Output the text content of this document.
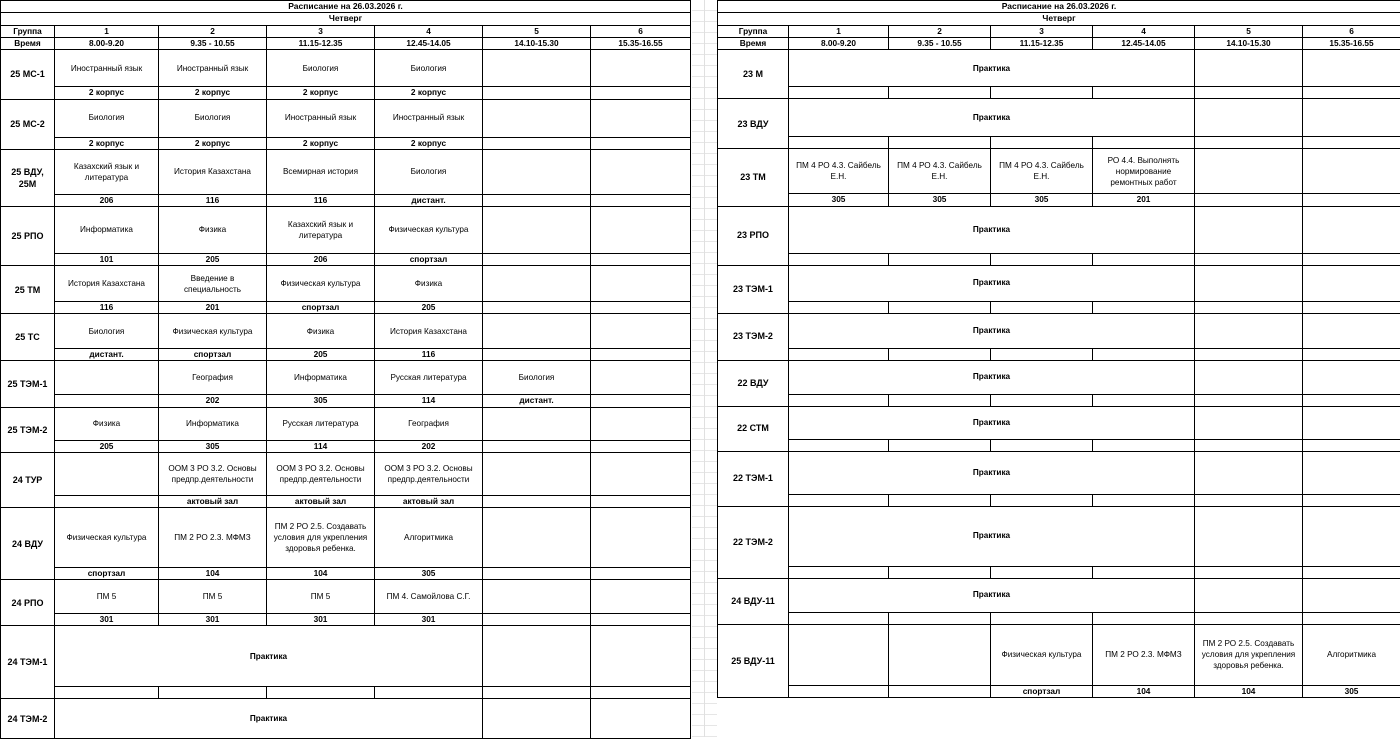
Расписание на 26.03.2026 г.						
Четверг						
Группа	1	2	3	4	5	6
Время	8.00-9.20	9.35 - 10.55	11.15-12.35	12.45-14.05	14.10-15.30	15.35-16.55
25 МС-1	Иностранный язык	Иностранный язык	Биология	Биология		
	2 корпус	2 корпус	2 корпус	2 корпус		
25 МС-2	Биология	Биология	Иностранный язык	Иностранный язык		
	2 корпус	2 корпус	2 корпус	2 корпус		
25 ВДУ, 25М	Казахский язык и литература	История Казахстана	Всемирная история	Биология		
	206	116	116	дистант.		
25 РПО	Информатика	Физика	Казахский язык и литература	Физическая культура		
	101	205	206	спортзал		
25 ТМ	История Казахстана	Введение в специальность	Физическая культура	Физика		
	116	201	спортзал	205		
25 ТС	Биология	Физическая культура	Физика	История Казахстана		
	дистант.	спортзал	205	116		
25 ТЭМ-1		География	Информатика	Русская литература	Биология	
		202	305	114	дистант.	
25 ТЭМ-2	Физика	Информатика	Русская литература	География		
	205	305	114	202		
24 ТУР		ООМ 3 РО 3.2. Основы предпр.деятельности	ООМ 3 РО 3.2. Основы предпр.деятельности	ООМ 3 РО 3.2. Основы предпр.деятельности		
		актовый зал	актовый зал	актовый зал		
24 ВДУ	Физическая культура	ПМ 2 РО 2.3. МФМЗ	ПМ 2 РО 2.5. Создавать условия для укрепления здоровья ребенка.	Алгоритмика		
	спортзал	104	104	305		
24 РПО	ПМ 5	ПМ 5	ПМ 5	ПМ 4. Самойлова С.Г.		
	301	301	301	301		
24 ТЭМ-1	Практика					

24 ТЭМ-2	Практика					
Расписание на 26.03.2026 г.						
Четверг						
Группа	1	2	3	4	5	6
Время	8.00-9.20	9.35 - 10.55	11.15-12.35	12.45-14.05	14.10-15.30	15.35-16.55
23 М	Практика					

23 ВДУ	Практика					

23 ТМ	ПМ 4 РО 4.3. Сайбель Е.Н.	ПМ 4 РО 4.3. Сайбель Е.Н.	ПМ 4 РО 4.3. Сайбель Е.Н.	РО 4.4. Выполнять нормирование ремонтных работ		
	305	305	305	201		
23 РПО	Практика					

23 ТЭМ-1	Практика					

23 ТЭМ-2	Практика					

22 ВДУ	Практика					

22 СТМ	Практика					

22 ТЭМ-1	Практика					

22 ТЭМ-2	Практика					

24 ВДУ-11	Практика					

25 ВДУ-11			Физическая культура	ПМ 2 РО 2.3. МФМЗ	ПМ 2 РО 2.5. Создавать условия для укрепления здоровья ребенка.	Алгоритмика
			спортзал	104	104	305
